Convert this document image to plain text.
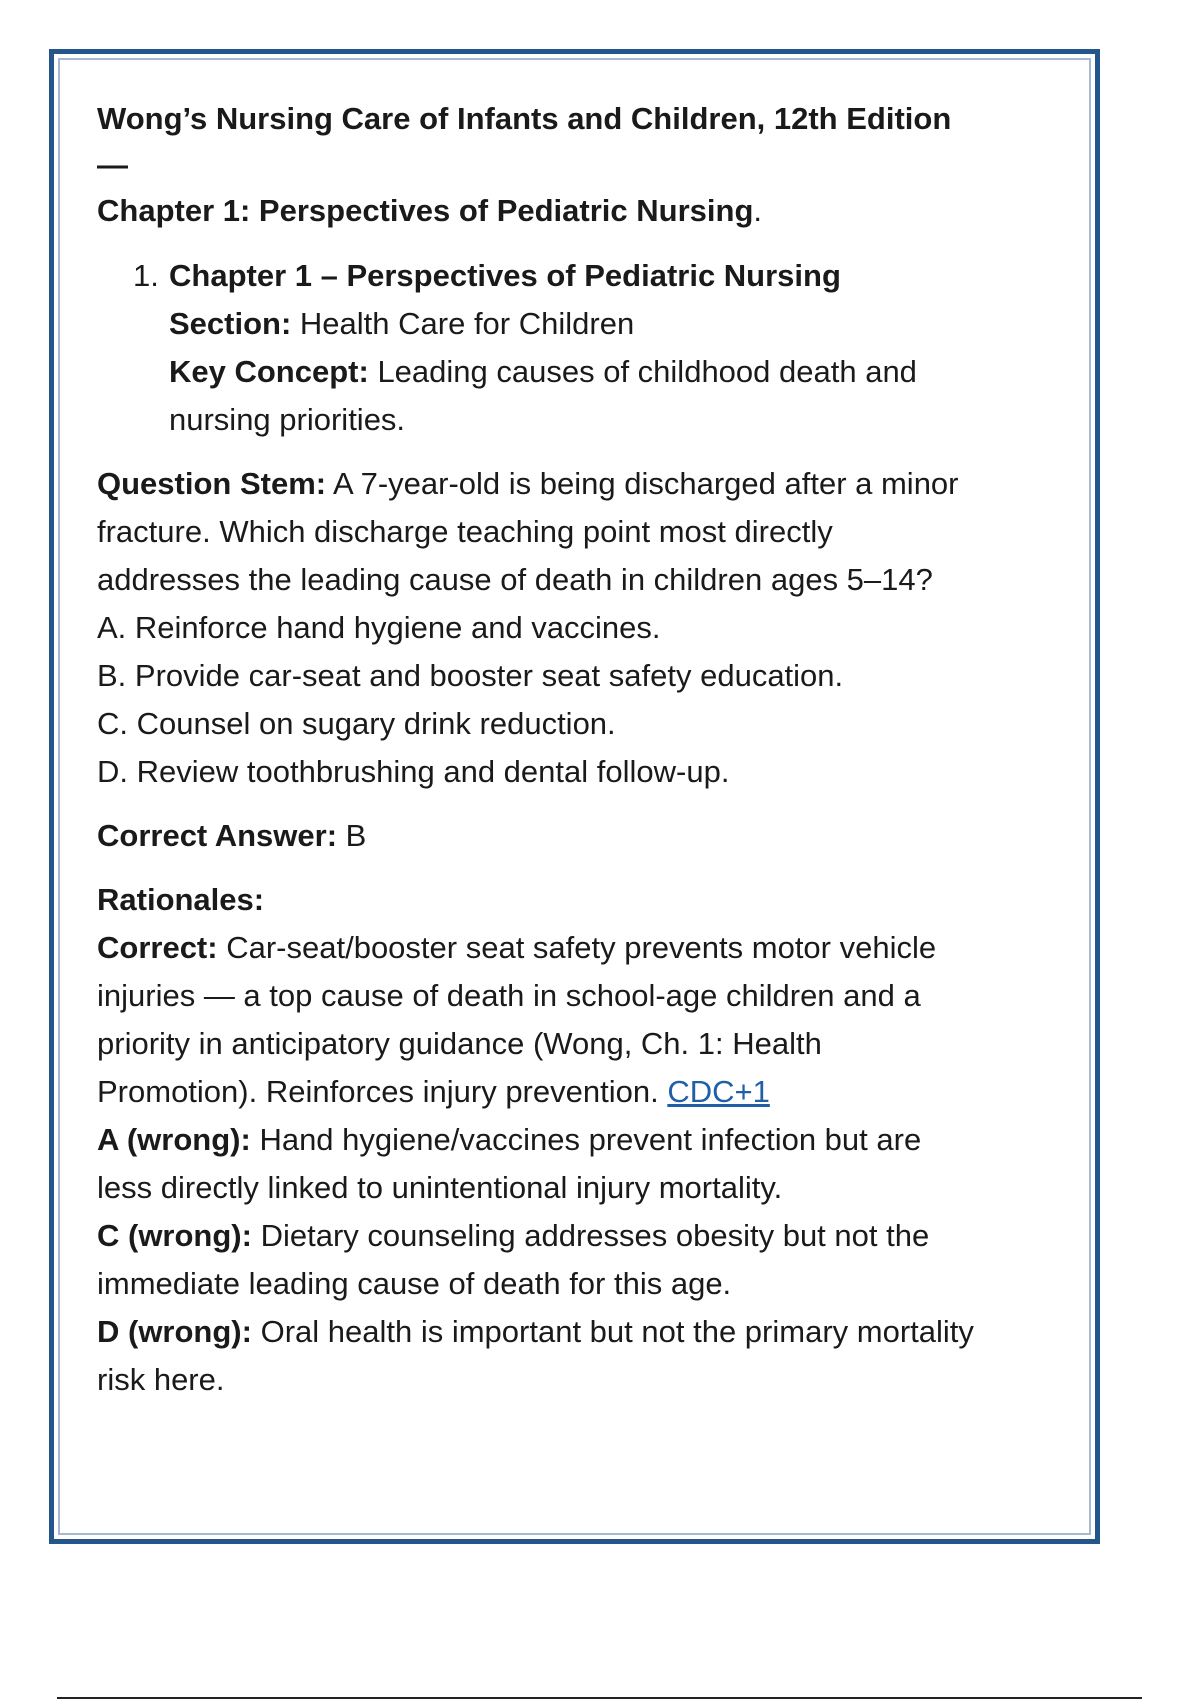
Wong’s Nursing Care of Infants and Children, 12th Edition —
Chapter 1: Perspectives of Pediatric Nursing.
1. Chapter 1 – Perspectives of Pediatric Nursing
Section: Health Care for Children
Key Concept: Leading causes of childhood death and nursing priorities.
Question Stem: A 7-year-old is being discharged after a minor fracture. Which discharge teaching point most directly addresses the leading cause of death in children ages 5–14?
A. Reinforce hand hygiene and vaccines.
B. Provide car-seat and booster seat safety education.
C. Counsel on sugary drink reduction.
D. Review toothbrushing and dental follow-up.
Correct Answer: B
Rationales:
Correct: Car-seat/booster seat safety prevents motor vehicle injuries — a top cause of death in school-age children and a priority in anticipatory guidance (Wong, Ch. 1: Health Promotion). Reinforces injury prevention. CDC+1
A (wrong): Hand hygiene/vaccines prevent infection but are less directly linked to unintentional injury mortality.
C (wrong): Dietary counseling addresses obesity but not the immediate leading cause of death for this age.
D (wrong): Oral health is important but not the primary mortality risk here.
